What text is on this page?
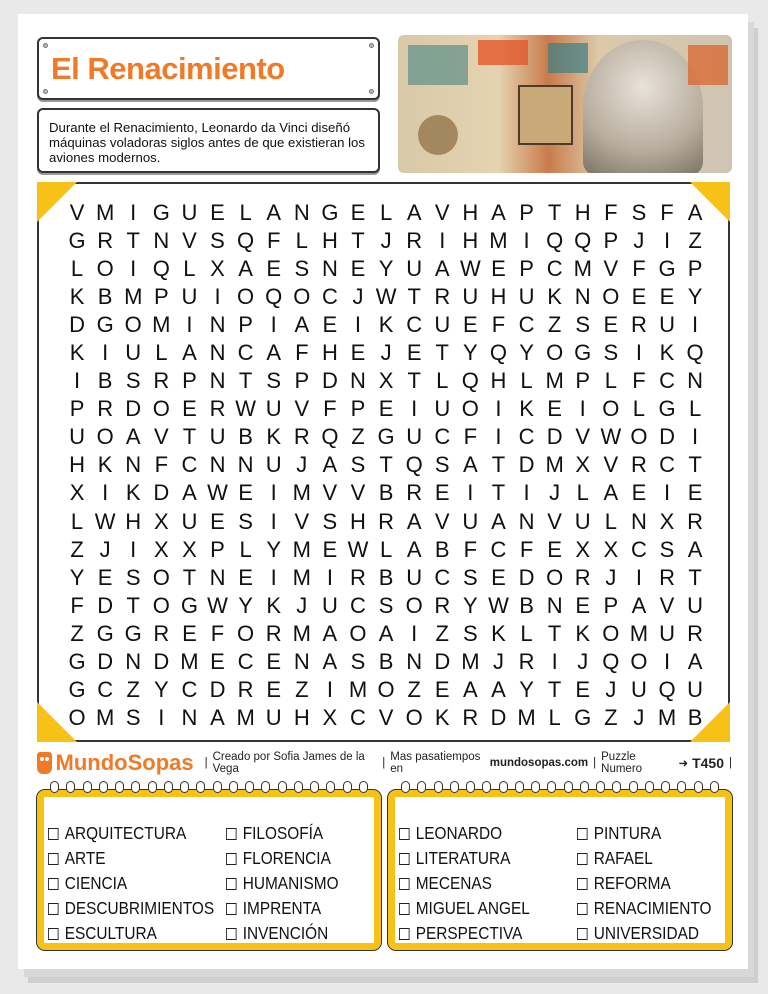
El Renacimiento

Durante el Renacimiento, Leonardo da Vinci diseñó máquinas voladoras siglos antes de que existieran los aviones modernos.

V M I G U E L A N G E L A V H A P T H F S F A
G R T N V S Q F L H T J R I H M I Q Q P J I Z
L O I Q L X A E S N E Y U A W E P C M V F G P
K B M P U I O Q O C J W T R U H U K N O E E Y
D G O M I N P I A E I K C U E F C Z S E R U I
K I U L A N C A F H E J E T Y Q Y O G S I K Q
I B S R P N T S P D N X T L Q H L M P L F C N
P R D O E R W U V F P E I U O I K E I O L G L
U O A V T U B K R Q Z G U C F I C D V W O D I
H K N F C N N U J A S T Q S A T D M X V R C T
X I K D A W E I M V V B R E I T I J L A E I E
L W H X U E S I V S H R A V U A N V U L N X R
Z J I X X P L Y M E W L A B F C F E X X C S A
Y E S O T N E I M I R B U C S E D O R J I R T
F D T O G W Y K J U C S O R Y W B N E P A V U
Z G G R E F O R M A O A I Z S K L T K O M U R
G D N D M E C E N A S B N D M J R I J Q O I A
G C Z Y C D R E Z I M O Z E A A Y T E J U Q U
O M S I N A M U H X C V O K R D M L G Z J M B
MundoSopas | Creado por Sofia James de la Vega	| Mas pasatiempos en
	mundosopas.com | Puzzle Numero	➜ T450 |
ARQUITECTURA
ARTE
CIENCIA
DESCUBRIMIENTOS
ESCULTURA
FILOSOFÍA
FLORENCIA
HUMANISMO
IMPRENTA
INVENCIÓN
LEONARDO
LITERATURA
MECENAS
MIGUEL ANGEL
PERSPECTIVA
PINTURA
RAFAEL
REFORMA
RENACIMIENTO
UNIVERSIDAD
